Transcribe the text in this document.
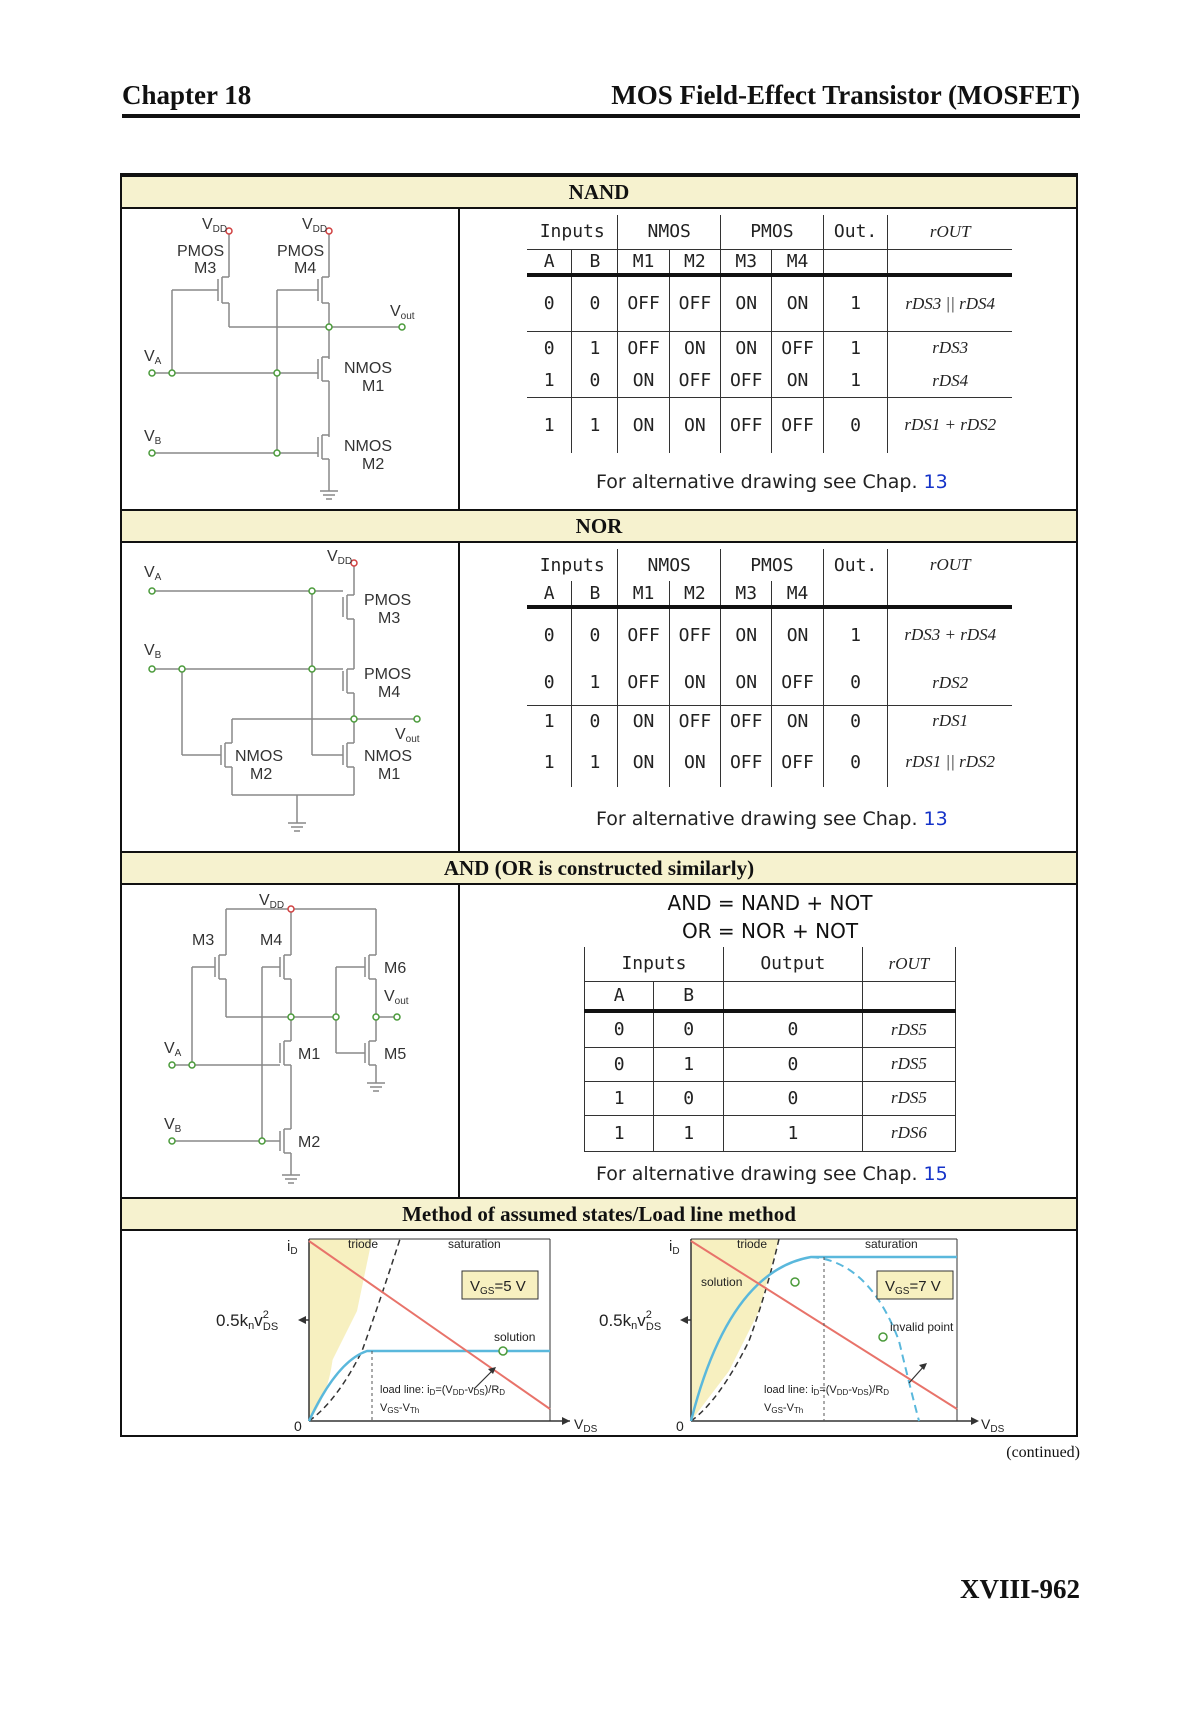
Chapter 18	MOS Field-Effect Transistor (MOSFET)
NAND
VDD	VDD
PMOS
M3
PMOS
M4
Vout
VA
VB
NMOS
M1
NMOS
M2
Inputs		NMOS		PMOS		Out.	rOUT
A	B	M1	M2	M3	M4		
0	0	OFF	OFF	ON	ON	1	rDS3 || rDS4
0	1	OFF	ON	ON	OFF	1	rDS3
1	0	ON	OFF	OFF	ON	1	rDS4
1	1	ON	ON	OFF	OFF	0	rDS1 + rDS2
For alternative drawing see Chap. 13
NOR
VDD
VA
VB
PMOS
M3
PMOS
M4
Vout
NMOS
M2
NMOS
M1
Inputs		NMOS		PMOS		Out.	rOUT
A	B	M1	M2	M3	M4		
0	0	OFF	OFF	ON	ON	1	rDS3 + rDS4
0	1	OFF	ON	ON	OFF	0	rDS2
1	0	ON	OFF	OFF	ON	0	rDS1
1	1	ON	ON	OFF	OFF	0	rDS1 || rDS2
For alternative drawing see Chap. 13
AND (OR is constructed similarly)
VDD
M3	M4
M6
Vout
M5
M1
M2
VA
VB
AND = NAND + NOT
OR = NOR + NOT
Inputs		Output	rOUT
A	B		
0	0	0	rDS5
0	1	0	rDS5
1	0	0	rDS5
1	1	1	rDS6
For alternative drawing see Chap. 15
Method of assumed states/Load line method
$i_D$
$V_{DS}$
0
triode	saturation
$V_{GS}=5$ V
0.5knv$^2$ DS
solution
load line: iD=(VDD-vDS)/RD
VGS-VTh
$i_D$
$V_{DS}$
0
triode	saturation
$V_{GS}=7$ V
0.5knv$^2$ DS
solution
invalid point
load line: iD=(VDD-vDS)/RD
VGS-VTh
(continued)
XVIII-962
